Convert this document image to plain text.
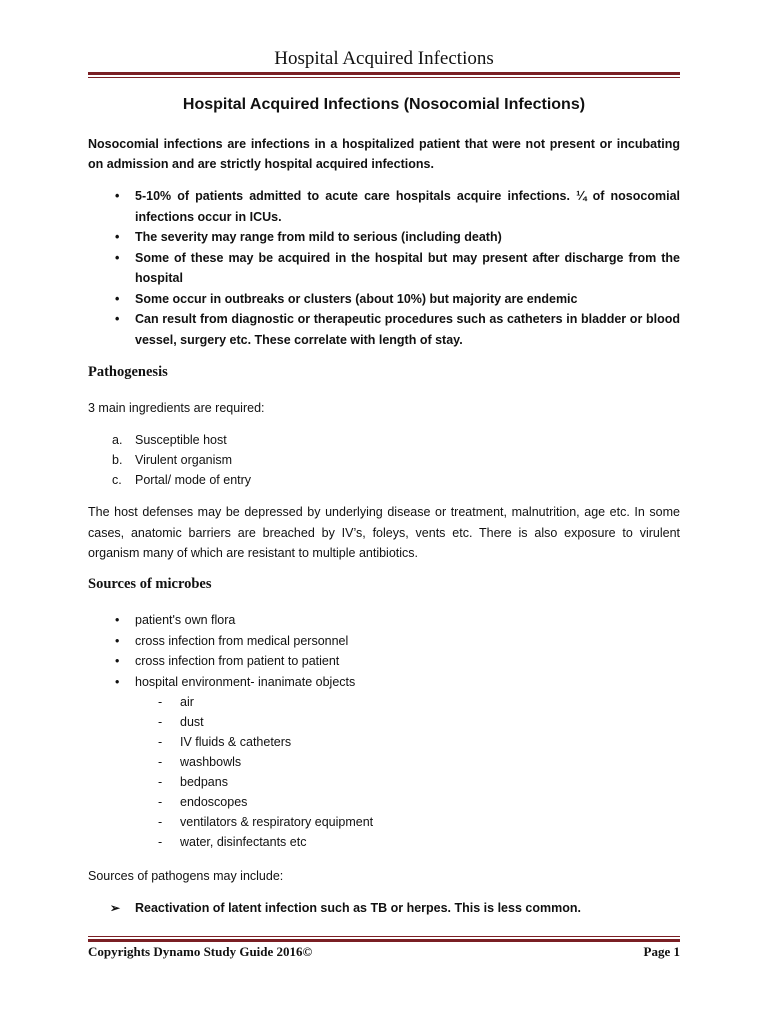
Hospital Acquired Infections
Hospital Acquired Infections (Nosocomial Infections)
Nosocomial infections are infections in a hospitalized patient that were not present or incubating on admission and are strictly hospital acquired infections.
• 5-10% of patients admitted to acute care hospitals acquire infections. ¼ of nosocomial infections occur in ICUs.
• The severity may range from mild to serious (including death)
• Some of these may be acquired in the hospital but may present after discharge from the hospital
• Some occur in outbreaks or clusters (about 10%) but majority are endemic
• Can result from diagnostic or therapeutic procedures such as catheters in bladder or blood vessel, surgery etc. These correlate with length of stay.
Pathogenesis
3 main ingredients are required:
a. Susceptible host
b. Virulent organism
c. Portal/ mode of entry
The host defenses may be depressed by underlying disease or treatment, malnutrition, age etc. In some cases, anatomic barriers are breached by IV’s, foleys, vents etc. There is also exposure to virulent organism many of which are resistant to multiple antibiotics.
Sources of microbes
• patient's own flora
• cross infection from medical personnel
• cross infection from patient to patient
• hospital environment- inanimate objects
- air
- dust
- IV fluids & catheters
- washbowls
- bedpans
- endoscopes
- ventilators & respiratory equipment
- water, disinfectants etc
Sources of pathogens may include:
➢ Reactivation of latent infection such as TB or herpes. This is less common.
Copyrights Dynamo Study Guide 2016©	Page 1
